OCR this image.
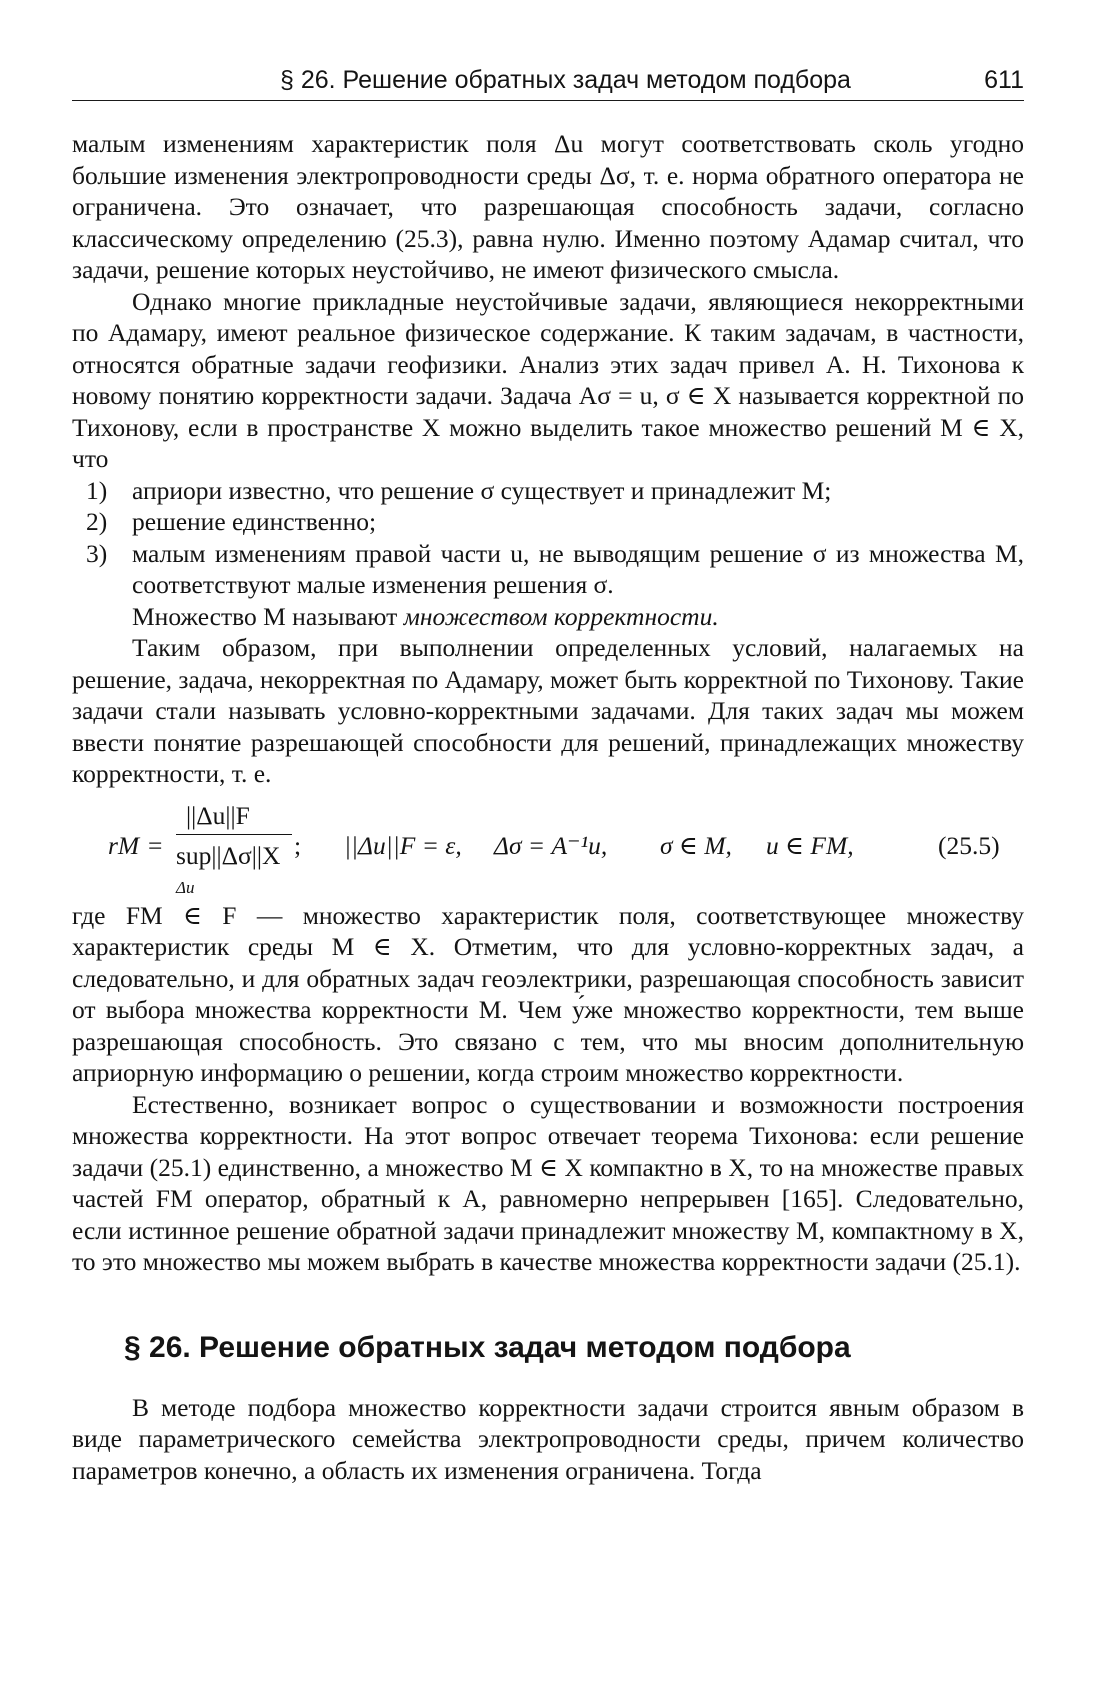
§ 26. Решение обратных задач методом подбора	611

малым изменениям характеристик поля Δu могут соответствовать сколь угодно большие изменения электропроводности среды Δσ, т. е. норма обратного оператора не ограничена. Это означает, что разрешающая способность задачи, согласно классическому определению (25.3), равна нулю. Именно поэтому Адамар считал, что задачи, решение которых неустойчиво, не имеют физического смысла.

Однако многие прикладные неустойчивые задачи, являющиеся некорректными по Адамару, имеют реальное физическое содержание. К таким задачам, в частности, относятся обратные задачи геофизики. Анализ этих задач привел А. Н. Тихонова к новому понятию корректности задачи. Задача Aσ = u, σ ∈ X называется корректной по Тихонову, если в пространстве X можно выделить такое множество решений M ∈ X, что

1) априори известно, что решение σ существует и принадлежит M;
2) решение единственно;
3) малым изменениям правой части u, не выводящим решение σ из множества M, соответствуют малые изменения решения σ.

Множество M называют множеством корректности.

Таким образом, при выполнении определенных условий, налагаемых на решение, задача, некорректная по Адамару, может быть корректной по Тихонову. Такие задачи стали называть условно-корректными задачами. Для таких задач мы можем ввести понятие разрешающей способности для решений, принадлежащих множеству корректности, т. е.

rM =
||Δu||F
sup||Δσ||X
Δu
; ||Δu||F = ε, Δσ = A⁻¹u, σ ∈ M, u ∈ FM,	(25.5)

где FM ∈ F — множество характеристик поля, соответствующее множеству характеристик среды M ∈ X. Отметим, что для условно-корректных задач, а следовательно, и для обратных задач геоэлектрики, разрешающая способность зависит от выбора множества корректности M. Чем у́же множество корректности, тем выше разрешающая способность. Это связано с тем, что мы вносим дополнительную априорную информацию о решении, когда строим множество корректности.

Естественно, возникает вопрос о существовании и возможности построения множества корректности. На этот вопрос отвечает теорема Тихонова: если решение задачи (25.1) единственно, а множество M ∈ X компактно в X, то на множестве правых частей FM оператор, обратный к A, равномерно непрерывен [165]. Следовательно, если истинное решение обратной задачи принадлежит множеству M, компактному в X, то это множество мы можем выбрать в качестве множества корректности задачи (25.1).

§ 26. Решение обратных задач методом подбора

В методе подбора множество корректности задачи строится явным образом в виде параметрического семейства электропроводности среды, причем количество параметров конечно, а область их изменения ограничена. Тогда
